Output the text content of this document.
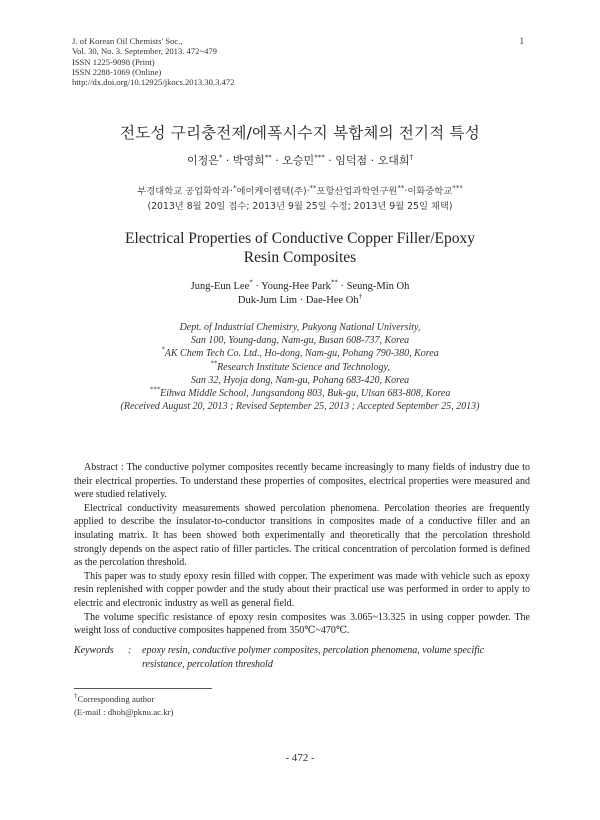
J. of Korean Oil Chemists' Soc.,
Vol. 30, No. 3. September, 2013. 472~479
ISSN 1225-9098 (Print)
ISSN 2288-1069 (Online)
http://dx.doi.org/10.12925/jkocs.2013.30.3.472
1
전도성 구리충전제/에폭시수지 복합체의 전기적 특성
이정은* · 박영희** · 오승민*** · 임덕점 · 오대희†
부경대학교 공업화학과·*에이케이켐텍(주)·**포항산업과학연구원**·이화중학교***
(2013년 8월 20일 접수; 2013년 9월 25일 수정; 2013년 9월 25일 채택)
Electrical Properties of Conductive Copper Filler/Epoxy
Resin Composites
Jung-Eun Lee* · Young-Hee Park** · Seung-Min Oh
Duk-Jum Lim · Dae-Hee Oh†
Dept. of Industrial Chemistry, Pukyong National University,
San 100, Young-dang, Nam-gu, Busan 608-737, Korea
*AK Chem Tech Co. Ltd., Ho-dong, Nam-gu, Pohang 790-380, Korea
**Research Institute Science and Technology,
San 32, Hyoja dong, Nam-gu, Pohang 683-420, Korea
***Eihwa Middle School, Jungsandong 803, Buk-gu, Ulsan 683-808, Korea
(Received August 20, 2013 ; Revised September 25, 2013 ; Accepted September 25, 2013)

Abstract : The conductive polymer composites recently became increasingly to many fields of industry due to their electrical properties. To understand these properties of composites, electrical properties were measured and were studied relatively.

Electrical conductivity measurements showed percolation phenomena. Percolation theories are frequently applied to describe the insulator-to-conductor transitions in composites made of a conductive filler and an insulating matrix. It has been showed both experimentally and theoretically that the percolation threshold strongly depends on the aspect ratio of filler particles. The critical concentration of percolation formed is defined as the percolation threshold.

This paper was to study epoxy resin filled with copper. The experiment was made with vehicle such as epoxy resin replenished with copper powder and the study about their practical use was performed in order to apply to electric and electronic industry as well as general field.

The volume specific resistance of epoxy resin composites was 3.065~13.325 in using copper powder. The weight loss of conductive composites happened from 350℃~470℃.

Keywords	:	epoxy resin, conductive polymer composites, percolation phenomena, volume specific
resistance, percolation threshold
†Corresponding author
(E-mail : dhoh@pknu.ac.kr)
- 472 -
